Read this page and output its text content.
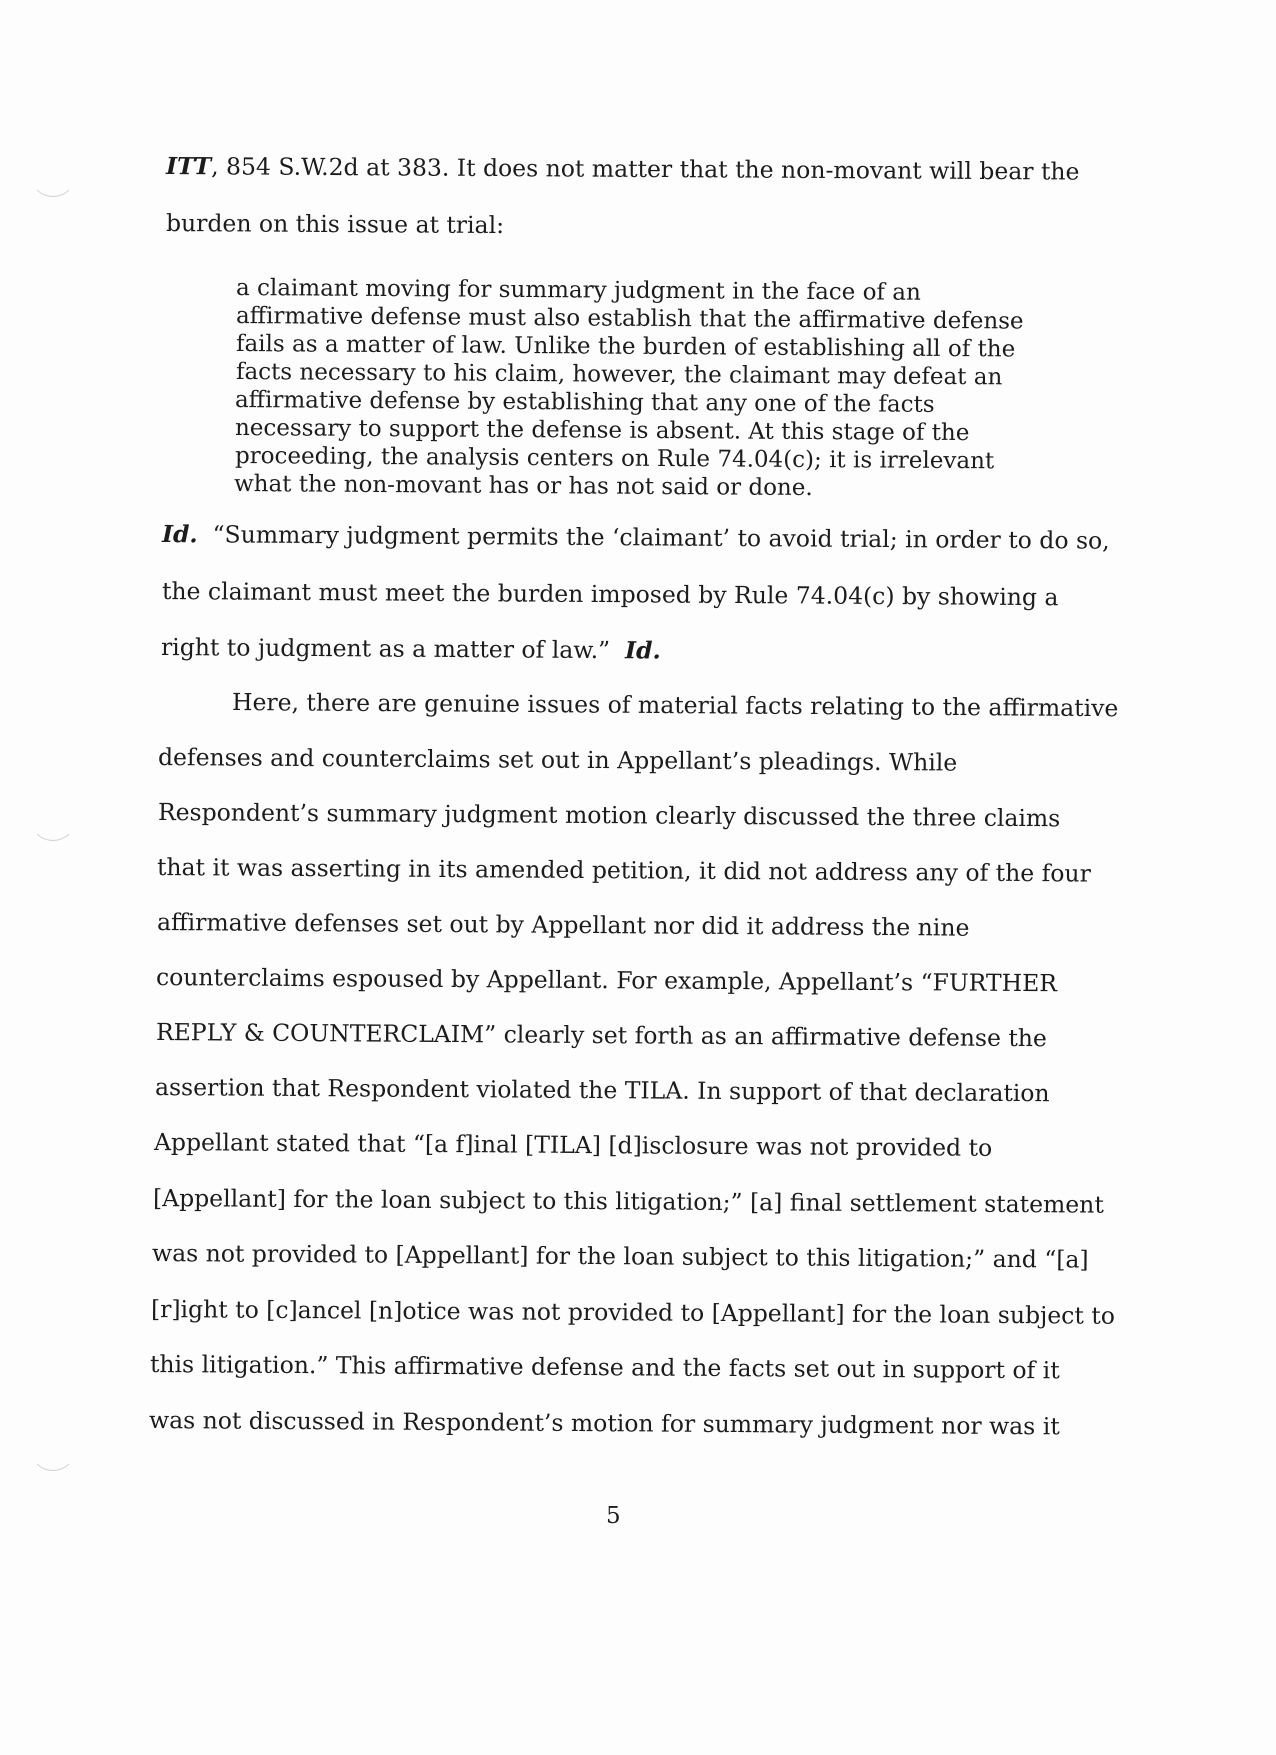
ITT, 854 S.W.2d at 383. It does not matter that the non-movant will bear the
burden on this issue at trial:
a claimant moving for summary judgment in the face of an
affirmative defense must also establish that the affirmative defense
fails as a matter of law. Unlike the burden of establishing all of the
facts necessary to his claim, however, the claimant may defeat an
affirmative defense by establishing that any one of the facts
necessary to support the defense is absent. At this stage of the
proceeding, the analysis centers on Rule 74.04(c); it is irrelevant
what the non-movant has or has not said or done.
Id. “Summary judgment permits the ‘claimant’ to avoid trial; in order to do so,
the claimant must meet the burden imposed by Rule 74.04(c) by showing a
right to judgment as a matter of law.” Id.
Here, there are genuine issues of material facts relating to the affirmative
defenses and counterclaims set out in Appellant’s pleadings. While
Respondent’s summary judgment motion clearly discussed the three claims
that it was asserting in its amended petition, it did not address any of the four
affirmative defenses set out by Appellant nor did it address the nine
counterclaims espoused by Appellant. For example, Appellant’s “FURTHER
REPLY & COUNTERCLAIM” clearly set forth as an affirmative defense the
assertion that Respondent violated the TILA. In support of that declaration
Appellant stated that “[a f]inal [TILA] [d]isclosure was not provided to
[Appellant] for the loan subject to this litigation;” [a] final settlement statement
was not provided to [Appellant] for the loan subject to this litigation;” and “[a]
[r]ight to [c]ancel [n]otice was not provided to [Appellant] for the loan subject to
this litigation.” This affirmative defense and the facts set out in support of it
was not discussed in Respondent’s motion for summary judgment nor was it
5
